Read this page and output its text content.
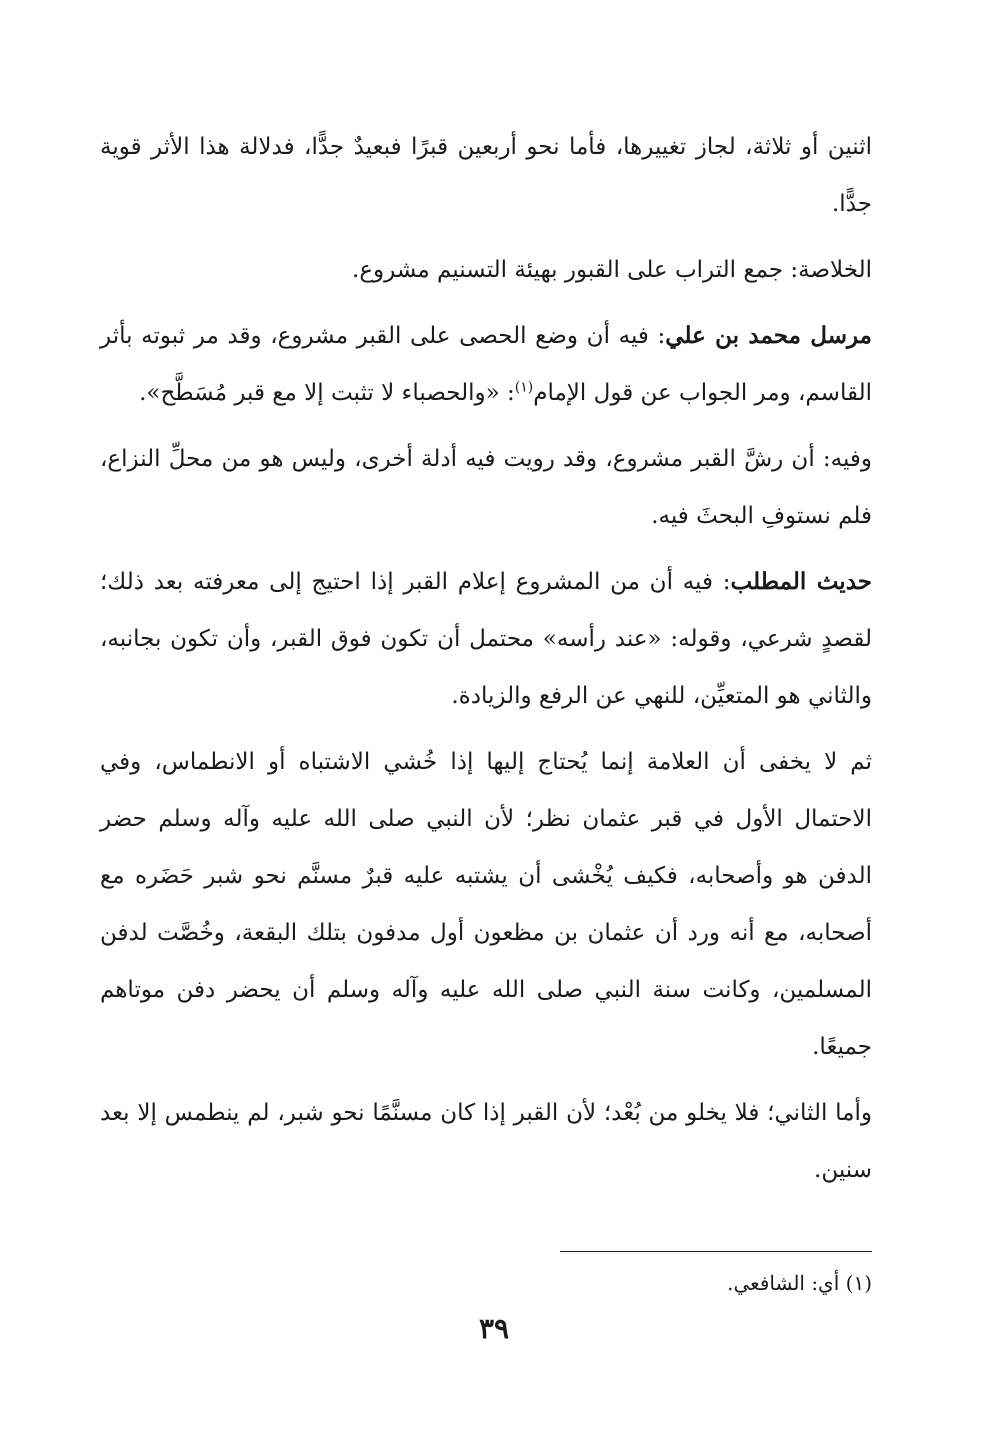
اثنين أو ثلاثة، لجاز تغييرها، فأما نحو أربعين قبرًا فبعيدٌ جدًّا، فدلالة هذا الأثر قوية جدًّا.

الخلاصة: جمع التراب على القبور بهيئة التسنيم مشروع.

مرسل محمد بن علي: فيه أن وضع الحصى على القبر مشروع، وقد مر ثبوته بأثر القاسم، ومر الجواب عن قول الإمام$^{(١)}$: «والحصباء لا تثبت إلا مع قبر مُسَطَّح».

وفيه: أن رشَّ القبر مشروع، وقد رويت فيه أدلة أخرى، وليس هو من محلِّ النزاع، فلم نستوفِ البحثَ فيه.

حديث المطلب: فيه أن من المشروع إعلام القبر إذا احتيج إلى معرفته بعد ذلك؛ لقصدٍ شرعي، وقوله: «عند رأسه» محتمل أن تكون فوق القبر، وأن تكون بجانبه، والثاني هو المتعيِّن، للنهي عن الرفع والزيادة.

ثم لا يخفى أن العلامة إنما يُحتاج إليها إذا خُشي الاشتباه أو الانطماس، وفي الاحتمال الأول في قبر عثمان نظر؛ لأن النبي صلى الله عليه وآله وسلم حضر الدفن هو وأصحابه، فكيف يُخْشى أن يشتبه عليه قبرٌ مسنَّم نحو شبر حَضَره مع أصحابه، مع أنه ورد أن عثمان بن مظعون أول مدفون بتلك البقعة، وخُصَّت لدفن المسلمين، وكانت سنة النبي صلى الله عليه وآله وسلم أن يحضر دفن موتاهم جميعًا.

وأما الثاني؛ فلا يخلو من بُعْد؛ لأن القبر إذا كان مسنَّمًا نحو شبر، لم ينطمس إلا بعد سنين.

(١) أي: الشافعي.
٣٩
